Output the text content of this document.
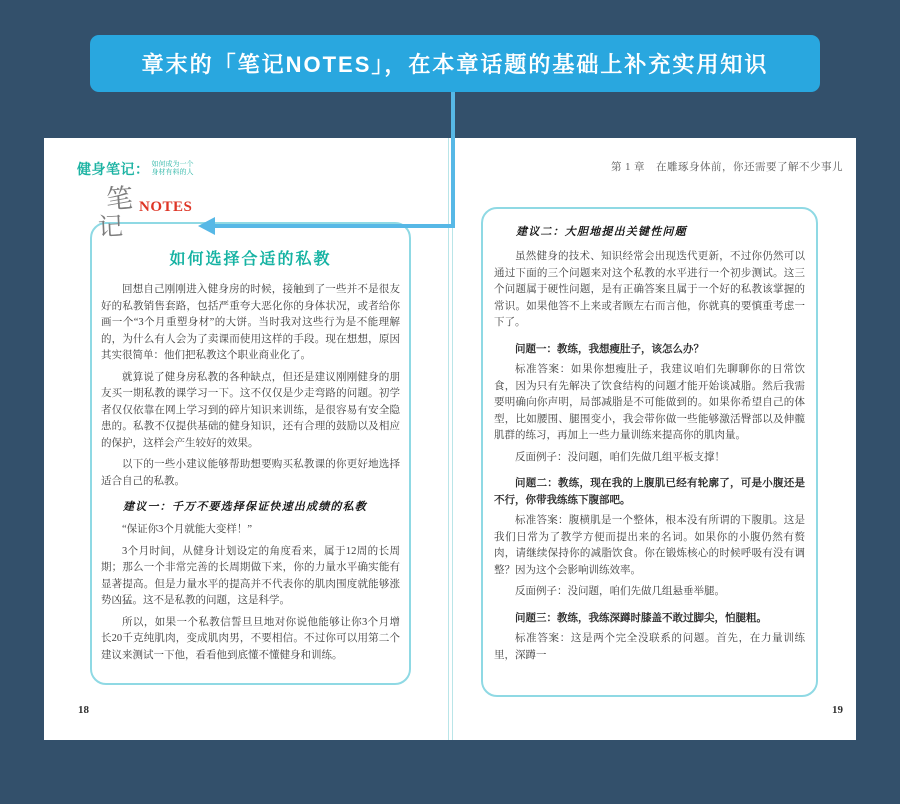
章末的「笔记NOTES」，在本章话题的基础上补充实用知识
健身笔记： 如何成为一个
身材有料的人
笔
记
NOTES
如何选择合适的私教

回想自己刚刚进入健身房的时候，接触到了一些并不是很友好的私教销售套路，包括严重夸大恶化你的身体状况，或者给你画一个“3个月重塑身材”的大饼。当时我对这些行为是不能理解的，为什么有人会为了卖课而使用这样的手段。现在想想，原因其实很简单：他们把私教这个职业商业化了。

就算说了健身房私教的各种缺点，但还是建议刚刚健身的朋友买一期私教的课学习一下。这不仅仅是少走弯路的问题。初学者仅仅依靠在网上学习到的碎片知识来训练，是很容易有安全隐患的。私教不仅提供基础的健身知识，还有合理的鼓励以及相应的保护，这样会产生较好的效果。

以下的一些小建议能够帮助想要购买私教课的你更好地选择适合自己的私教。

建议一：千万不要选择保证快速出成绩的私教

“保证你3个月就能大变样！”

3个月时间，从健身计划设定的角度看来，属于12周的长周期；那么一个非常完善的长周期做下来，你的力量水平确实能有显著提高。但是力量水平的提高并不代表你的肌肉围度就能够涨势凶猛。这不是私教的问题，这是科学。

所以，如果一个私教信誓旦旦地对你说他能够让你3个月增长20千克纯肌肉，变成肌肉男，不要相信。不过你可以用第二个建议来测试一下他，看看他到底懂不懂健身和训练。

18
第 1 章　在雕琢身体前，你还需要了解不少事儿

建议二：大胆地提出关键性问题

虽然健身的技术、知识经常会出现迭代更新，不过你仍然可以通过下面的三个问题来对这个私教的水平进行一个初步测试。这三个问题属于硬性问题，是有正确答案且属于一个好的私教该掌握的常识。如果他答不上来或者顾左右而言他，你就真的要慎重考虑一下了。

问题一：教练，我想瘦肚子，该怎么办？

标准答案：如果你想瘦肚子，我建议咱们先聊聊你的日常饮食，因为只有先解决了饮食结构的问题才能开始谈减脂。然后我需要明确向你声明，局部减脂是不可能做到的。如果你希望自己的体型，比如腰围、腿围变小，我会带你做一些能够激活臀部以及伸髋肌群的练习，再加上一些力量训练来提高你的肌肉量。

反面例子：没问题，咱们先做几组平板支撑！

问题二：教练，现在我的上腹肌已经有轮廓了，可是小腹还是不行，你带我练练下腹部吧。

标准答案：腹横肌是一个整体，根本没有所谓的下腹肌。这是我们日常为了教学方便而提出来的名词。如果你的小腹仍然有赘肉，请继续保持你的减脂饮食。你在锻炼核心的时候呼吸有没有调整？因为这个会影响训练效率。

反面例子：没问题，咱们先做几组悬垂举腿。

问题三：教练，我练深蹲时膝盖不敢过脚尖，怕腿粗。

标准答案：这是两个完全没联系的问题。首先，在力量训练里，深蹲一

19
